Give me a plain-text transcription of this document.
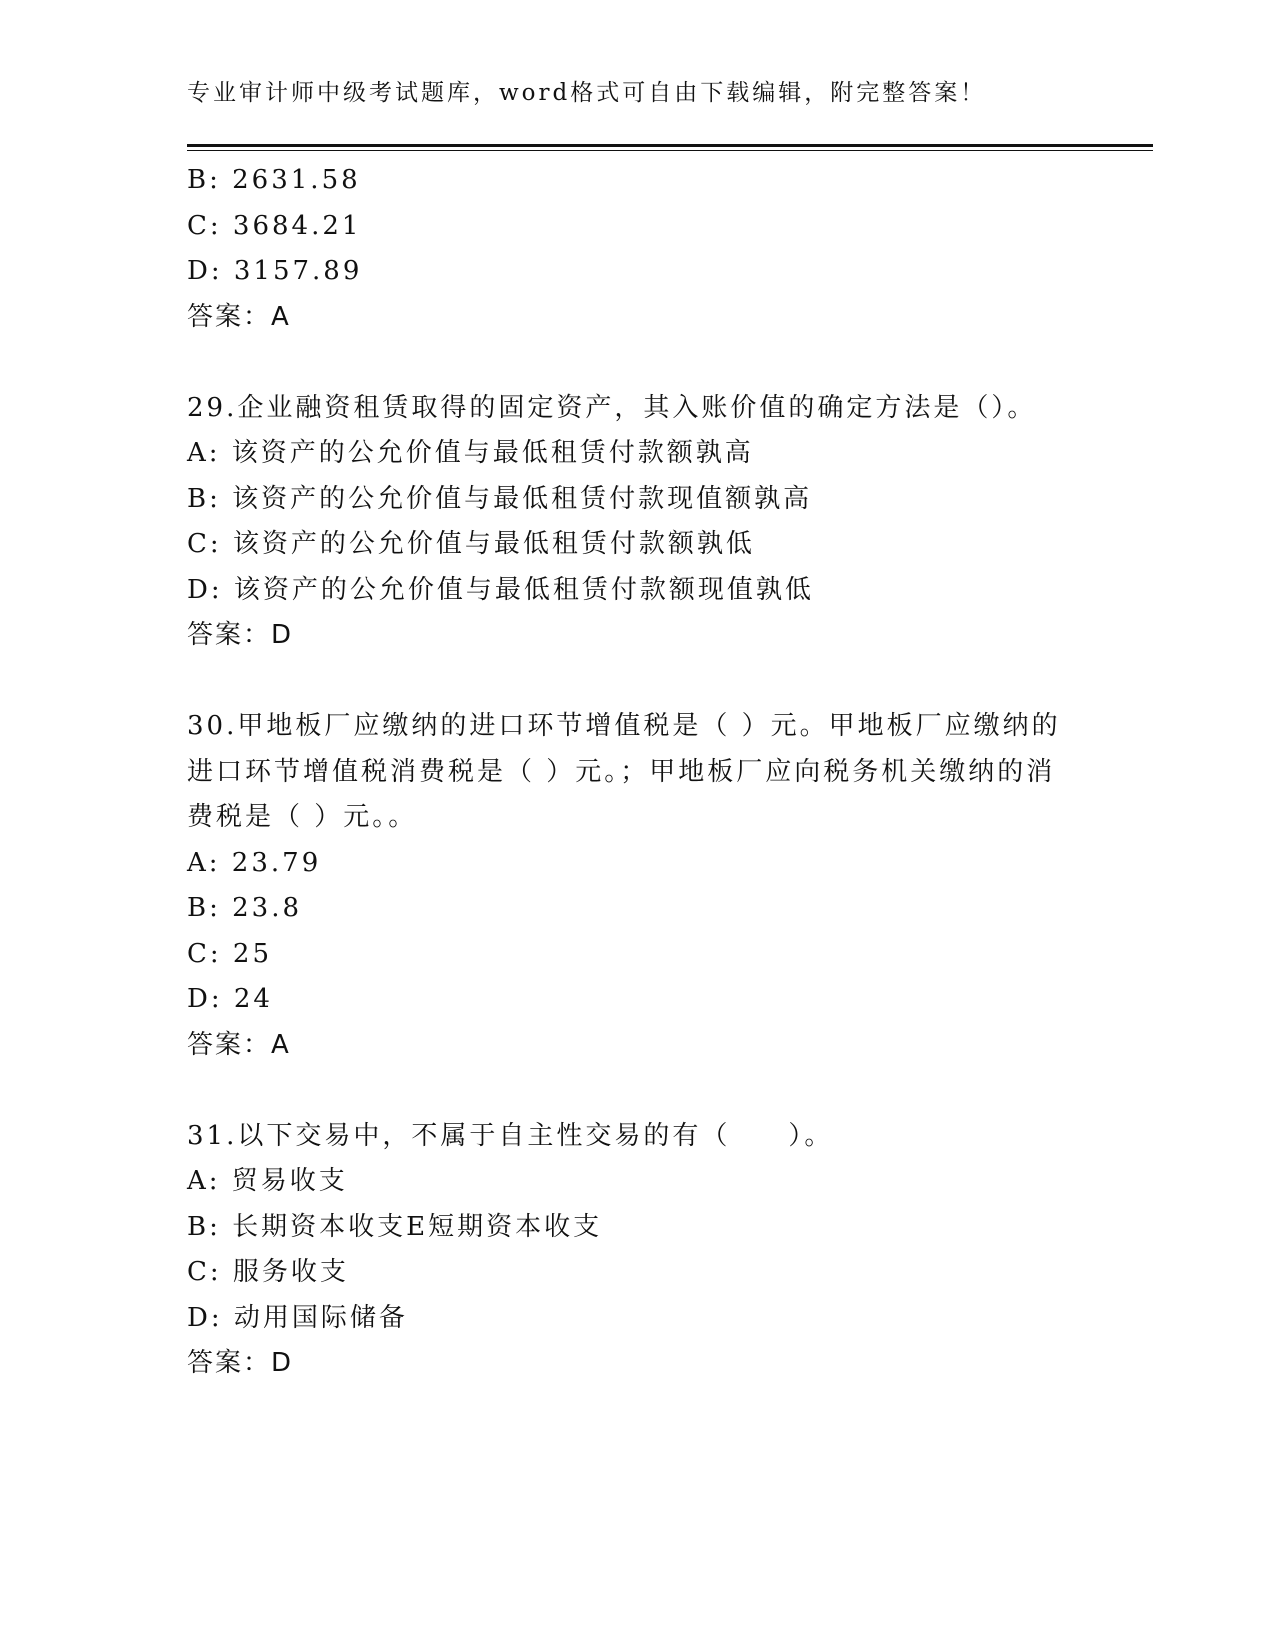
专业审计师中级考试题库，word格式可自由下载编辑，附完整答案！
B: 2631.58
C: 3684.21
D: 3157.89
答案：A
29.企业融资租赁取得的固定资产，其入账价值的确定方法是（）。
A: 该资产的公允价值与最低租赁付款额孰高
B: 该资产的公允价值与最低租赁付款现值额孰高
C: 该资产的公允价值与最低租赁付款额孰低
D: 该资产的公允价值与最低租赁付款额现值孰低
答案：D
30.甲地板厂应缴纳的进口环节增值税是（ ）元。甲地板厂应缴纳的
进口环节增值税消费税是（ ）元。；甲地板厂应向税务机关缴纳的消
费税是（ ）元。。
A: 23.79
B: 23.8
C: 25
D: 24
答案：A
31.以下交易中，不属于自主性交易的有（　　）。
A: 贸易收支
B: 长期资本收支E短期资本收支
C: 服务收支
D: 动用国际储备
答案：D
